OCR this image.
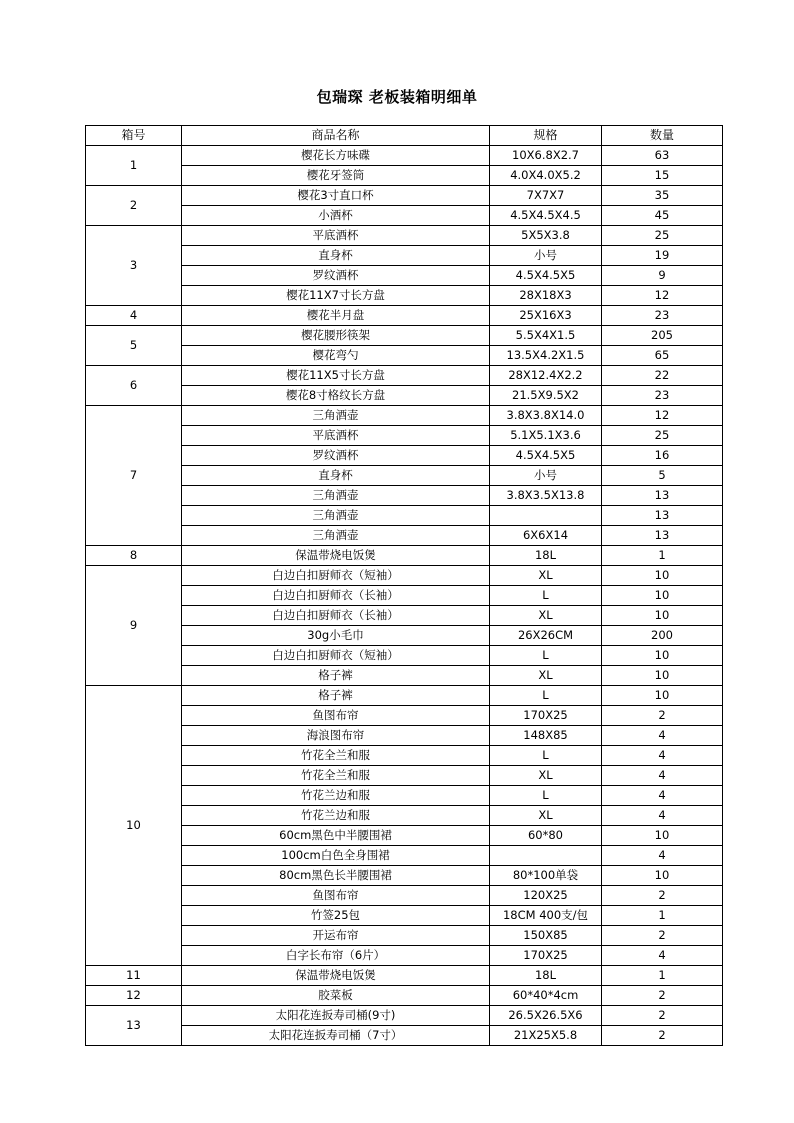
包瑞琛 老板装箱明细单
箱号	商品名称	规格	数量
1	樱花长方味碟	10X6.8X2.7	63
	樱花牙签筒	4.0X4.0X5.2	15
2	樱花3寸直口杯	7X7X7	35
	小酒杯	4.5X4.5X4.5	45
3	平底酒杯	5X5X3.8	25
	直身杯	小号	19
	罗纹酒杯	4.5X4.5X5	9
	樱花11X7寸长方盘	28X18X3	12
4	樱花半月盘	25X16X3	23
5	樱花腰形筷架	5.5X4X1.5	205
	樱花弯勺	13.5X4.2X1.5	65
6	樱花11X5寸长方盘	28X12.4X2.2	22
	樱花8寸格纹长方盘	21.5X9.5X2	23
7	三角酒壶	3.8X3.8X14.0	12
	平底酒杯	5.1X5.1X3.6	25
	罗纹酒杯	4.5X4.5X5	16
	直身杯	小号	5
	三角酒壶	3.8X3.5X13.8	13
	三角酒壶		13
	三角酒壶	6X6X14	13
8	保温带烧电饭煲	18L	1
9	白边白扣厨师衣（短袖）	XL	10
	白边白扣厨师衣（长袖）	L	10
	白边白扣厨师衣（长袖）	XL	10
	30g小毛巾	26X26CM	200
	白边白扣厨师衣（短袖）	L	10
	格子裤	XL	10
10	格子裤	L	10
	鱼图布帘	170X25	2
	海浪图布帘	148X85	4
	竹花全兰和服	L	4
	竹花全兰和服	XL	4
	竹花兰边和服	L	4
	竹花兰边和服	XL	4
	60cm黑色中半腰围裙	60*80	10
	100cm白色全身围裙		4
	80cm黑色长半腰围裙	80*100单袋	10
	鱼图布帘	120X25	2
	竹签25包	18CM 400支/包	1
	开运布帘	150X85	2
	白字长布帘（6片）	170X25	4
11	保温带烧电饭煲	18L	1
12	胶菜板	60*40*4cm	2
13	太阳花连扳寿司桶(9寸)	26.5X26.5X6	2
	太阳花连扳寿司桶（7寸）	21X25X5.8	2
